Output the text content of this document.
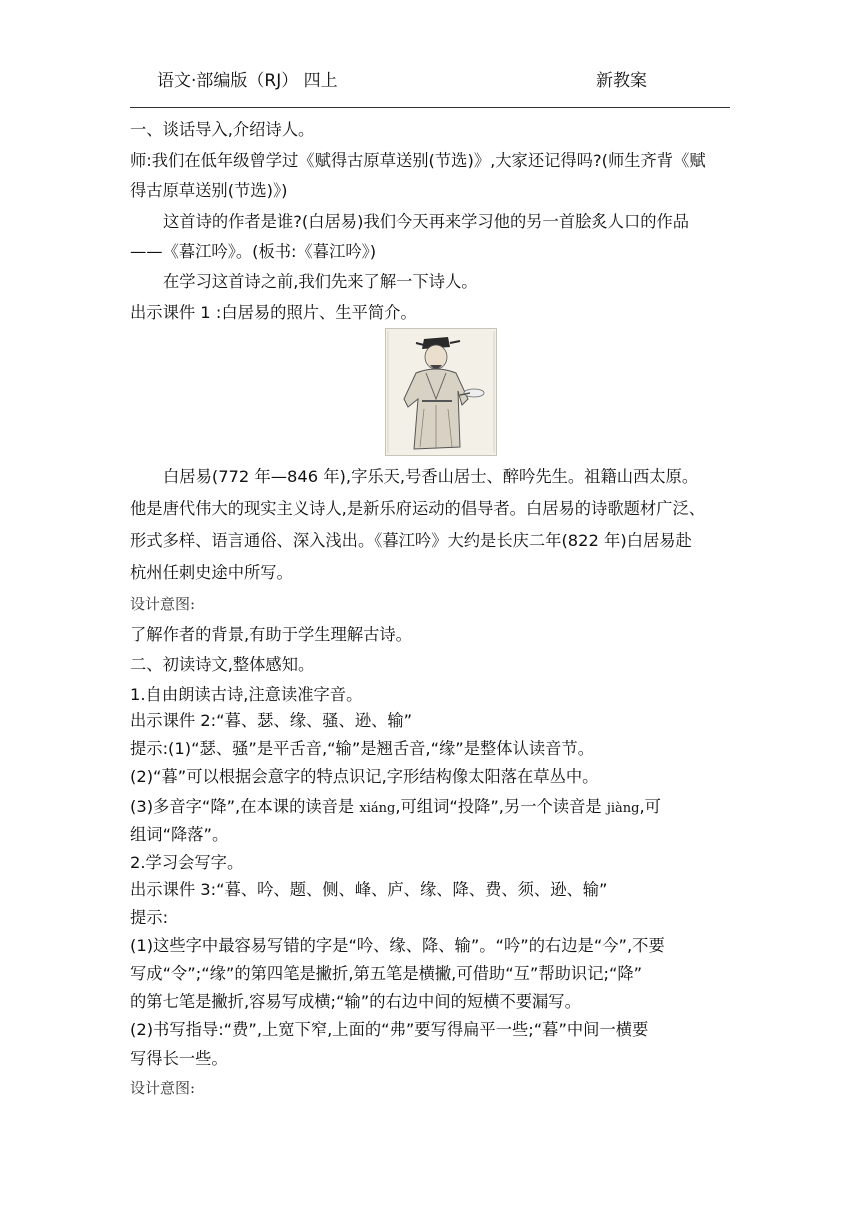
语文·部编版（RJ） 四上	新教案
一、谈话导入,介绍诗人。
师:我们在低年级曾学过《赋得古原草送别(节选)》,大家还记得吗?(师生齐背《赋
得古原草送别(节选)》)
这首诗的作者是谁?(白居易)我们今天再来学习他的另一首脍炙人口的作品
——《暮江吟》。(板书:《暮江吟》)
在学习这首诗之前,我们先来了解一下诗人。
出示课件 1 :白居易的照片、生平简介。
白居易(772 年—846 年),字乐天,号香山居士、醉吟先生。祖籍山西太原。
他是唐代伟大的现实主义诗人,是新乐府运动的倡导者。白居易的诗歌题材广泛、
形式多样、语言通俗、深入浅出。《暮江吟》大约是长庆二年(822 年)白居易赴
杭州任刺史途中所写。
设计意图:
了解作者的背景,有助于学生理解古诗。
二、初读诗文,整体感知。
1.自由朗读古诗,注意读准字音。
出示课件 2:“暮、瑟、缘、骚、逊、输”
提示:(1)“瑟、骚”是平舌音,“输”是翘舌音,“缘”是整体认读音节。
(2)“暮”可以根据会意字的特点识记,字形结构像太阳落在草丛中。
(3)多音字“降”,在本课的读音是 xiáng,可组词“投降”,另一个读音是 jiàng,可
组词“降落”。
2.学习会写字。
出示课件 3:“暮、吟、题、侧、峰、庐、缘、降、费、须、逊、输”
提示:
(1)这些字中最容易写错的字是“吟、缘、降、输”。“吟”的右边是“今”,不要
写成“令”;“缘”的第四笔是撇折,第五笔是横撇,可借助“互”帮助识记;“降”
的第七笔是撇折,容易写成横;“输”的右边中间的短横不要漏写。
(2)书写指导:“费”,上宽下窄,上面的“弗”要写得扁平一些;“暮”中间一横要
写得长一些。
设计意图:
